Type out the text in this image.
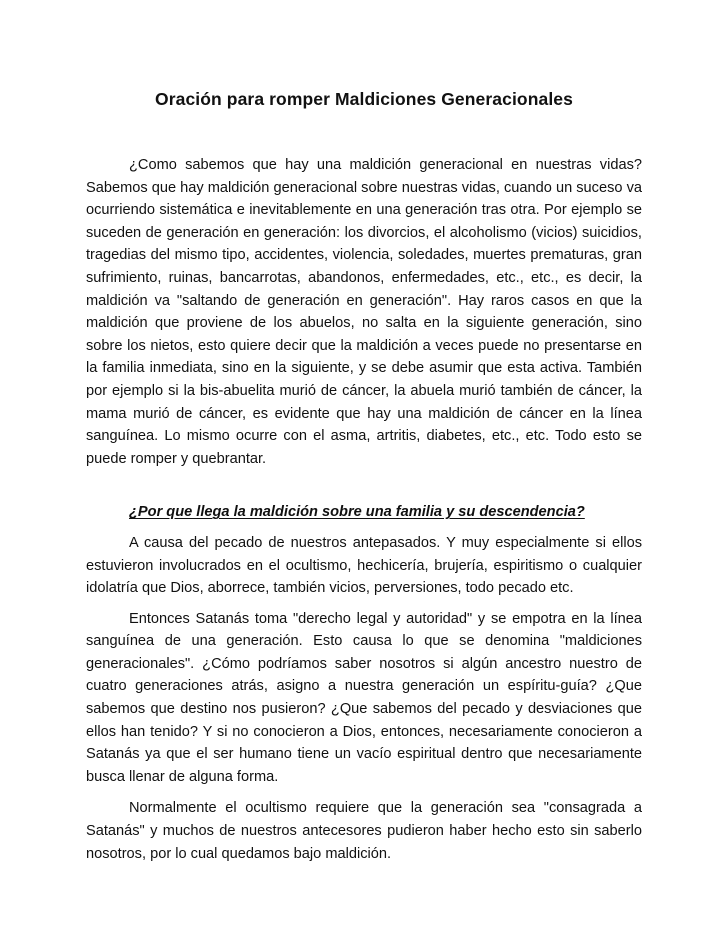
Oración para romper Maldiciones Generacionales

¿Como sabemos que hay una maldición generacional en nuestras vidas? Sabemos que hay maldición generacional sobre nuestras vidas, cuando un suceso va ocurriendo sistemática e inevitablemente en una generación tras otra. Por ejemplo se suceden de generación en generación: los divorcios, el alcoholismo (vicios) suicidios, tragedias del mismo tipo, accidentes, violencia, soledades, muertes prematuras, gran sufrimiento, ruinas, bancarrotas, abandonos, enfermedades, etc., etc., es decir, la maldición va "saltando de generación en generación". Hay raros casos en que la maldición que proviene de los abuelos, no salta en la siguiente generación, sino sobre los nietos, esto quiere decir que la maldición a veces puede no presentarse en la familia inmediata, sino en la siguiente, y se debe asumir que esta activa. También por ejemplo si la bis-abuelita murió de cáncer, la abuela murió también de cáncer, la mama murió de cáncer, es evidente que hay una maldición de cáncer en la línea sanguínea. Lo mismo ocurre con el asma, artritis, diabetes, etc., etc. Todo esto se puede romper y quebrantar.

¿Por que llega la maldición sobre una familia y su descendencia?

A causa del pecado de nuestros antepasados. Y muy especialmente si ellos estuvieron involucrados en el ocultismo, hechicería, brujería, espiritismo o cualquier idolatría que Dios, aborrece, también vicios, perversiones, todo pecado etc.

Entonces Satanás toma "derecho legal y autoridad" y se empotra en la línea sanguínea de una generación. Esto causa lo que se denomina "maldiciones generacionales". ¿Cómo podríamos saber nosotros si algún ancestro nuestro de cuatro generaciones atrás, asigno a nuestra generación un espíritu-guía? ¿Que sabemos que destino nos pusieron? ¿Que sabemos del pecado y desviaciones que ellos han tenido? Y si no conocieron a Dios, entonces, necesariamente conocieron a Satanás ya que el ser humano tiene un vacío espiritual dentro que necesariamente busca llenar de alguna forma.

Normalmente el ocultismo requiere que la generación sea "consagrada a Satanás" y muchos de nuestros antecesores pudieron haber hecho esto sin saberlo nosotros, por lo cual quedamos bajo maldición.
